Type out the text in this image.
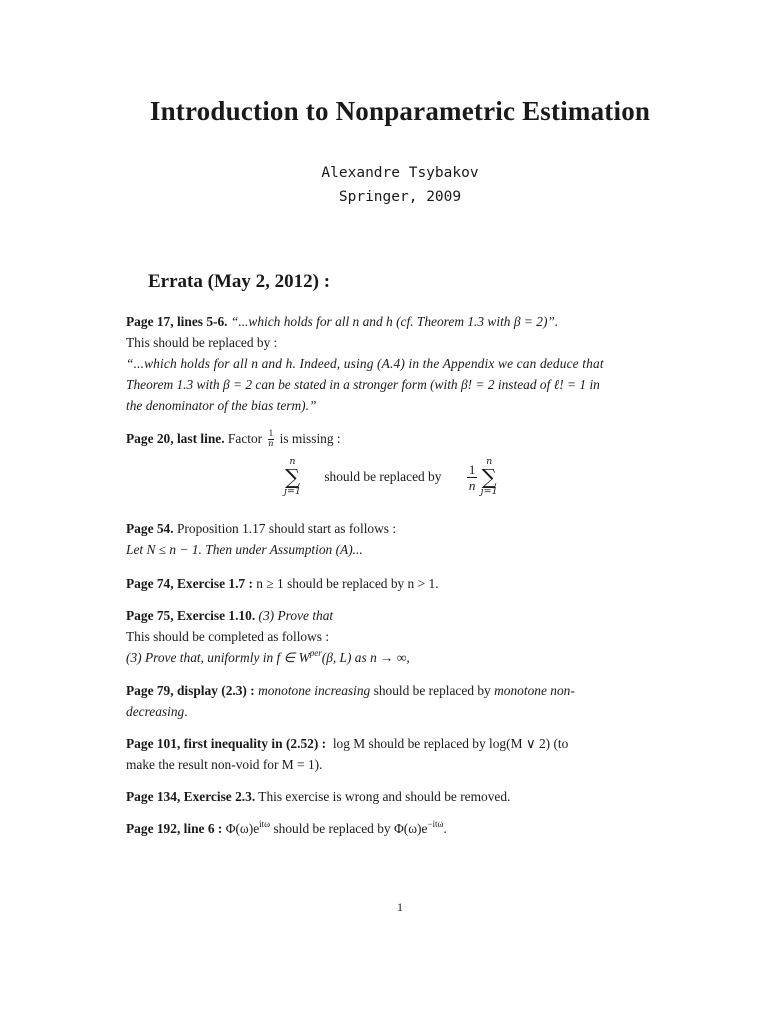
Introduction to Nonparametric Estimation
Alexandre Tsybakov
Springer, 2009
Errata (May 2, 2012) :
Page 17, lines 5-6. “...which holds for all n and h (cf. Theorem 1.3 with β = 2)”.
This should be replaced by :
“...which holds for all n and h. Indeed, using (A.4) in the Appendix we can deduce that
Theorem 1.3 with β = 2 can be stated in a stronger form (with β! = 2 instead of ℓ! = 1 in
the denominator of the bias term).”
Page 20, last line. Factor $\frac{1}{n}$ is missing :
n
∑
j=1
should be replaced by $\frac{1}{n}$ n
∑
j=1
Page 54. Proposition 1.17 should start as follows :
Let N ≤ n − 1. Then under Assumption (A)...
Page 74, Exercise 1.7 : n ≥ 1 should be replaced by n > 1.
Page 75, Exercise 1.10. (3) Prove that
This should be completed as follows :
(3) Prove that, uniformly in f ∈ $W^{per}(\beta$, L) as n → ∞,
Page 79, display (2.3) : monotone increasing should be replaced by monotone non-
decreasing.
Page 101, first inequality in (2.52) : log M should be replaced by log(M ∨ 2) (to
make the result non-void for M = 1).
Page 134, Exercise 2.3. This exercise is wrong and should be removed.
Page 192, line 6 : $\Phi(\omega)e^{it\omega}$ should be replaced by $\Phi(\omega)e^{-it\omega}$.
1
